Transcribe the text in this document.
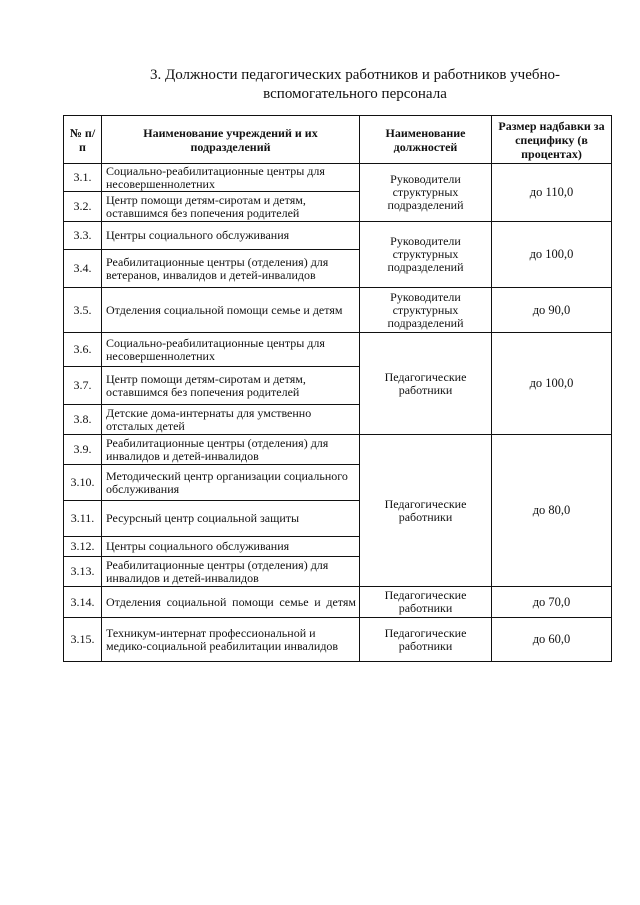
3. Должности педагогических работников и работников учебно-
вспомогательного персонала
№ п/п	Наименование учреждений и их подразделений	Наименование должностей	Размер надбавки за специфику (в процентах)
3.1.	Социально-реабилитационные центры для несовершеннолетних	Руководители структурных подразделений	до 110,0
3.2.	Центр помощи детям-сиротам и детям, оставшимся без попечения родителей		
3.3.	Центры социального обслуживания	Руководители структурных подразделений	до 100,0
3.4.	Реабилитационные центры (отделения) для ветеранов, инвалидов и детей-инвалидов		
3.5.	Отделения социальной помощи семье и детям	Руководители структурных подразделений	до 90,0
3.6.	Социально-реабилитационные центры для несовершеннолетних	Педагогические работники	до 100,0
3.7.	Центр помощи детям-сиротам и детям, оставшимся без попечения родителей		
3.8.	Детские дома-интернаты для умственно отсталых детей		
3.9.	Реабилитационные центры (отделения) для инвалидов и детей-инвалидов	Педагогические работники	до 80,0
3.10.	Методический центр организации социального обслуживания		
3.11.	Ресурсный центр социальной защиты		
3.12.	Центры социального обслуживания		
3.13.	Реабилитационные центры (отделения) для инвалидов и детей-инвалидов		
3.14.	Отделения социальной помощи семье и детям	Педагогические работники	до 70,0
3.15.	Техникум-интернат профессиональной и медико-социальной реабилитации инвалидов	Педагогические работники	до 60,0
